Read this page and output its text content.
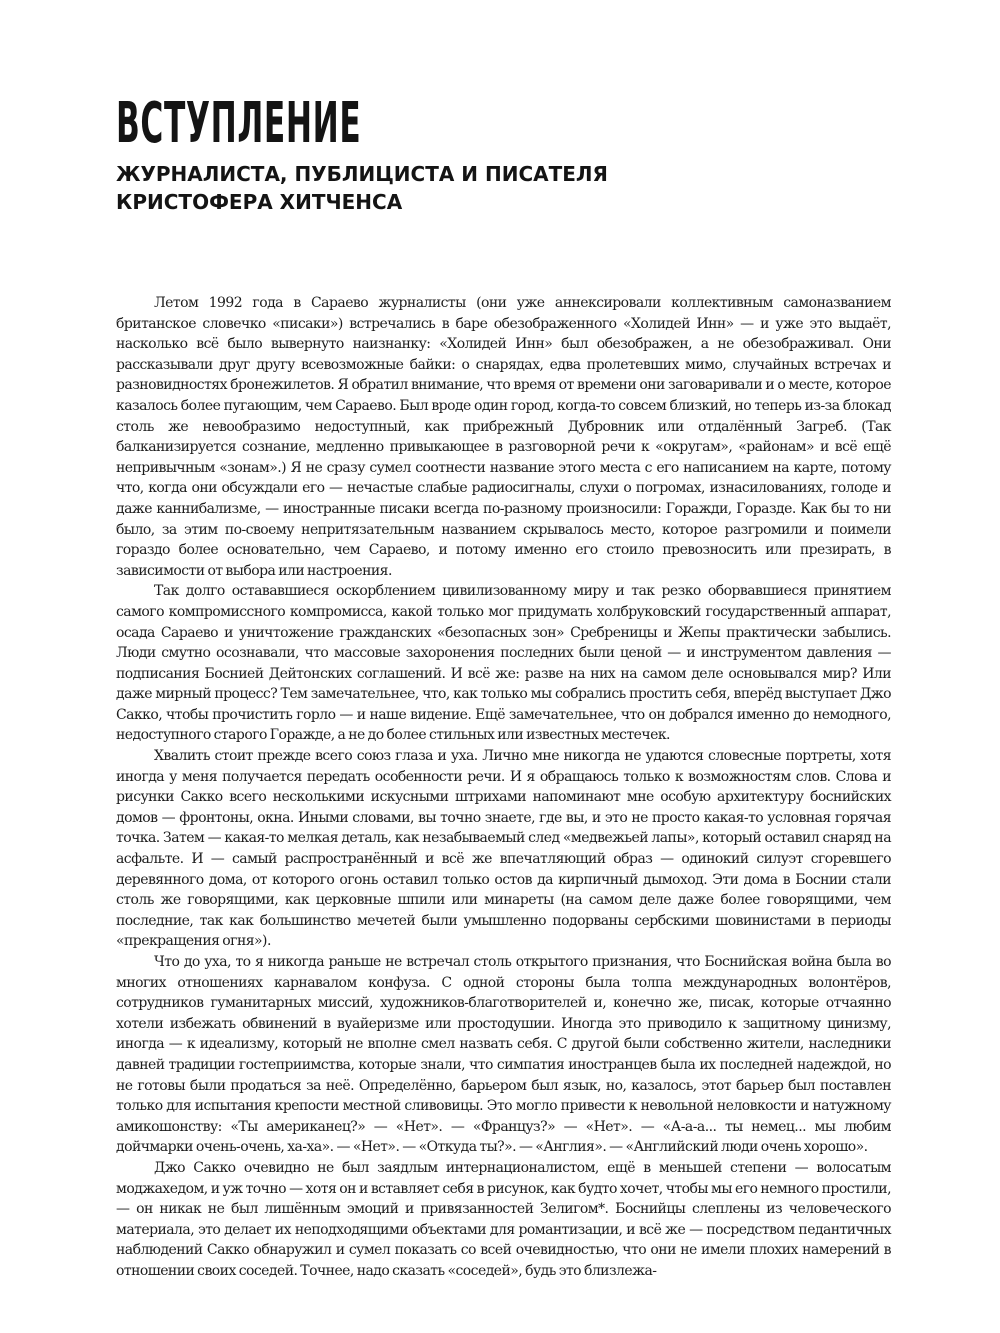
ВСТУПЛЕНИЕ
ЖУРНАЛИСТА, ПУБЛИЦИСТА И ПИСАТЕЛЯ
КРИСТОФЕРА ХИТЧЕНСА

Летом 1992 года в Сараево журналисты (они уже аннексировали коллективным самоназванием британское словечко «писаки») встречались в баре обезображенного «Холидей Инн» — и уже это выдаёт, насколько всё было вывернуто наизнанку: «Холидей Инн» был обезображен, а не обезображивал. Они рассказывали друг другу всевозможные байки: о снарядах, едва пролетевших мимо, случайных встречах и разновидностях бронежилетов. Я обратил внимание, что время от времени они заговаривали и о месте, которое казалось более пугающим, чем Сараево. Был вроде один город, когда-то совсем близкий, но теперь из-за блокад столь же невообразимо недоступный, как прибрежный Дубровник или отдалённый Загреб. (Так балканизируется сознание, медленно привыкающее в разговорной речи к «округам», «районам» и всё ещё непривычным «зонам».) Я не сразу сумел соотнести название этого места с его написанием на карте, потому что, когда они обсуждали его — нечастые слабые радиосигналы, слухи о погромах, изнасилованиях, голоде и даже каннибализме, — иностранные писаки всегда по-разному произносили: Горажди, Горазде. Как бы то ни было, за этим по-своему непритязательным названием скрывалось место, которое разгромили и поимели гораздо более основательно, чем Сараево, и потому именно его стоило превозносить или презирать, в зависимости от выбора или настроения.

Так долго остававшиеся оскорблением цивилизованному миру и так резко оборвавшиеся принятием самого компромиссного компромисса, какой только мог придумать холбруковский государственный аппарат, осада Сараево и уничтожение гражданских «безопасных зон» Сребреницы и Жепы практически забылись. Люди смутно осознавали, что массовые захоронения последних были ценой — и инструментом давления — подписания Боснией Дейтонских соглашений. И всё же: разве на них на самом деле основывался мир? Или даже мирный процесс? Тем замечательнее, что, как только мы собрались простить себя, вперёд выступает Джо Сакко, чтобы прочистить горло — и наше видение. Ещё замечательнее, что он добрался именно до немодного, недоступного старого Горажде, а не до более стильных или известных местечек.

Хвалить стоит прежде всего союз глаза и уха. Лично мне никогда не удаются словесные портреты, хотя иногда у меня получается передать особенности речи. И я обращаюсь только к возможностям слов. Слова и рисунки Сакко всего несколькими искусными штрихами напоминают мне особую архитектуру боснийских домов — фронтоны, окна. Иными словами, вы точно знаете, где вы, и это не просто какая-то условная горячая точка. Затем — какая-то мелкая деталь, как незабываемый след «медвежьей лапы», который оставил снаряд на асфальте. И — самый распространённый и всё же впечатляющий образ — одинокий силуэт сгоревшего деревянного дома, от которого огонь оставил только остов да кирпичный дымоход. Эти дома в Боснии стали столь же говорящими, как церковные шпили или минареты (на самом деле даже более говорящими, чем последние, так как большинство мечетей были умышленно подорваны сербскими шовинистами в периоды «прекращения огня»).

Что до уха, то я никогда раньше не встречал столь открытого признания, что Боснийская война была во многих отношениях карнавалом конфуза. С одной стороны была толпа международных волонтёров, сотрудников гуманитарных миссий, художников-благотворителей и, конечно же, писак, которые отчаянно хотели избежать обвинений в вуайеризме или простодушии. Иногда это приводило к защитному цинизму, иногда — к идеализму, который не вполне смел назвать себя. С другой были собственно жители, наследники давней традиции гостеприимства, которые знали, что симпатия иностранцев была их последней надеждой, но не готовы были продаться за неё. Определённо, барьером был язык, но, казалось, этот барьер был поставлен только для испытания крепости местной сливовицы. Это могло привести к невольной неловкости и натужному амикошонству: «Ты американец?» — «Нет». — «Француз?» — «Нет». — «А-а-а... ты немец... мы любим дойчмарки очень-очень, ха-ха». — «Нет». — «Откуда ты?». — «Англия». — «Английский люди очень хорошо».

Джо Сакко очевидно не был заядлым интернационалистом, ещё в меньшей степени — волосатым моджахедом, и уж точно — хотя он и вставляет себя в рисунок, как будто хочет, чтобы мы его немного простили, — он никак не был лишённым эмоций и привязанностей Зелигом*. Боснийцы слеплены из человеческого материала, это делает их неподходящими объектами для романтизации, и всё же — посредством педантичных наблюдений Сакко обнаружил и сумел показать со всей очевидностью, что они не имели плохих намерений в отношении своих соседей. Точнее, надо сказать «соседей», будь это близлежа-
